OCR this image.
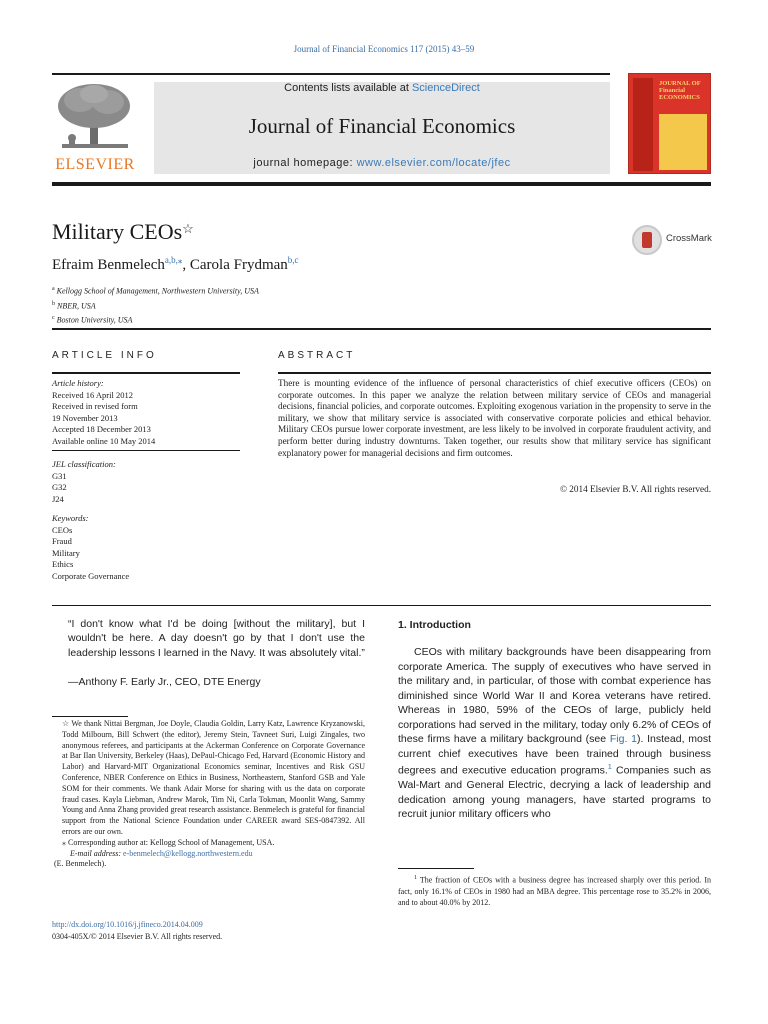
Journal of Financial Economics 117 (2015) 43–59
ELSEVIER
Contents lists available at ScienceDirect
Journal of Financial Economics
journal homepage: www.elsevier.com/locate/jfec
JOURNAL OF Financial ECONOMICS
Military CEOs☆
CrossMark
Efraim Benmelech$^{a,b,⁎}$, Carola Frydman$^{b,c}$
$^a$ Kellogg School of Management, Northwestern University, USA
$^b$ NBER, USA
$^c$ Boston University, USA
ARTICLE INFO	ABSTRACT
Article history:
Received 16 April 2012
Received in revised form
19 November 2013
Accepted 18 December 2013
Available online 10 May 2014
JEL classification:
G31
G32
J24
Keywords:
CEOs
Fraud
Military
Ethics
Corporate Governance
There is mounting evidence of the influence of personal characteristics of chief executive officers (CEOs) on corporate outcomes. In this paper we analyze the relation between military service of CEOs and managerial decisions, financial policies, and corporate outcomes. Exploiting exogenous variation in the propensity to serve in the military, we show that military service is associated with conservative corporate policies and ethical behavior. Military CEOs pursue lower corporate investment, are less likely to be involved in corporate fraudulent activity, and perform better during industry downturns. Taken together, our results show that military service has significant explanatory power for managerial decisions and firm outcomes.
© 2014 Elsevier B.V. All rights reserved.
“I don't know what I'd be doing [without the military], but I wouldn't be here. A day doesn't go by that I don't use the leadership lessons I learned in the Navy. It was absolutely vital.”
—Anthony F. Early Jr., CEO, DTE Energy
☆ We thank Nittai Bergman, Joe Doyle, Claudia Goldin, Larry Katz, Lawrence Kryzanowski, Todd Milbourn, Bill Schwert (the editor), Jeremy Stein, Tavneet Suri, Luigi Zingales, two anonymous referees, and participants at the Ackerman Conference on Corporate Governance at Bar Ilan University, Berkeley (Haas), DePaul-Chicago Fed, Harvard (Economic History and Labor) and Harvard-MIT Organizational Economics seminar, Incentives and Risk GSU Conference, NBER Conference on Ethics in Business, Northeastern, Stanford GSB and Yale SOM for their comments. We thank Adair Morse for sharing with us the data on corporate fraud cases. Kayla Liebman, Andrew Marok, Tim Ni, Carla Tokman, Moonlit Wang, Sammy Young and Anna Zhang provided great research assistance. Benmelech is grateful for financial support from the National Science Foundation under CAREER award SES-0847392. All errors are our own.
⁎ Corresponding author at: Kellogg School of Management, USA.
E-mail address: e-benmelech@kellogg.northwestern.edu
(E. Benmelech).
http://dx.doi.org/10.1016/j.jfineco.2014.04.009
0304-405X/© 2014 Elsevier B.V. All rights reserved.
1. Introduction
CEOs with military backgrounds have been disappearing from corporate America. The supply of executives who have served in the military and, in particular, of those with combat experience has diminished since World War II and Korea veterans have retired. Whereas in 1980, 59% of the CEOs of large, publicly held corporations had served in the military, today only 6.2% of CEOs of these firms have a military background (see Fig. 1). Instead, most current chief executives have been trained through business degrees and executive education programs.$^1$ Companies such as Wal-Mart and General Electric, decrying a lack of leadership and dedication among young managers, have started programs to recruit junior military officers who
$^1$ The fraction of CEOs with a business degree has increased sharply over this period. In fact, only 16.1% of CEOs in 1980 had an MBA degree. This percentage rose to 35.2% in 2006, and to about 40.0% by 2012.
